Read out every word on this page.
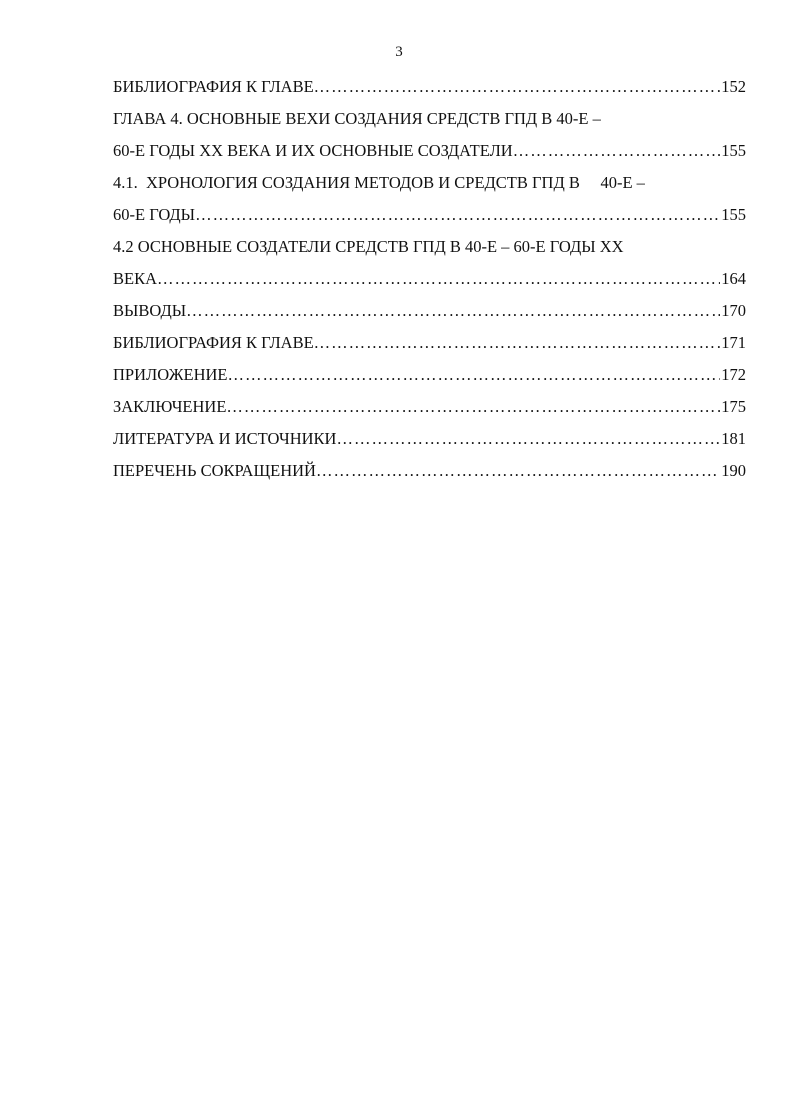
3
БИБЛИОГРАФИЯ К ГЛАВЕ ……………………………………………………………………………………………………………………………………………………………………………………………………	152
ГЛАВА 4. ОСНОВНЫЕ ВЕХИ СОЗДАНИЯ СРЕДСТВ ГПД В 40-Е –
60-Е ГОДЫ XX ВЕКА И ИХ ОСНОВНЫЕ СОЗДАТЕЛИ ……………………………………………………………………………………………………………………………………………………………………………………………………	155
4.1.  ХРОНОЛОГИЯ СОЗДАНИЯ МЕТОДОВ И СРЕДСТВ ГПД В     40-Е –
60-Е ГОДЫ ……………………………………………………………………………………………………………………………………………………………………………………………………	155
4.2 ОСНОВНЫЕ СОЗДАТЕЛИ СРЕДСТВ ГПД В 40-Е – 60-Е ГОДЫ XX
ВЕКА ……………………………………………………………………………………………………………………………………………………………………………………………………	164
ВЫВОДЫ ……………………………………………………………………………………………………………………………………………………………………………………………………	170
БИБЛИОГРАФИЯ К ГЛАВЕ ……………………………………………………………………………………………………………………………………………………………………………………………………	171
ПРИЛОЖЕНИЕ ……………………………………………………………………………………………………………………………………………………………………………………………………	172
ЗАКЛЮЧЕНИЕ ……………………………………………………………………………………………………………………………………………………………………………………………………	175
ЛИТЕРАТУРА И ИСТОЧНИКИ ……………………………………………………………………………………………………………………………………………………………………………………………………	181
ПЕРЕЧЕНЬ СОКРАЩЕНИЙ ……………………………………………………………………………………………………………………………………………………………………………………………………	190
